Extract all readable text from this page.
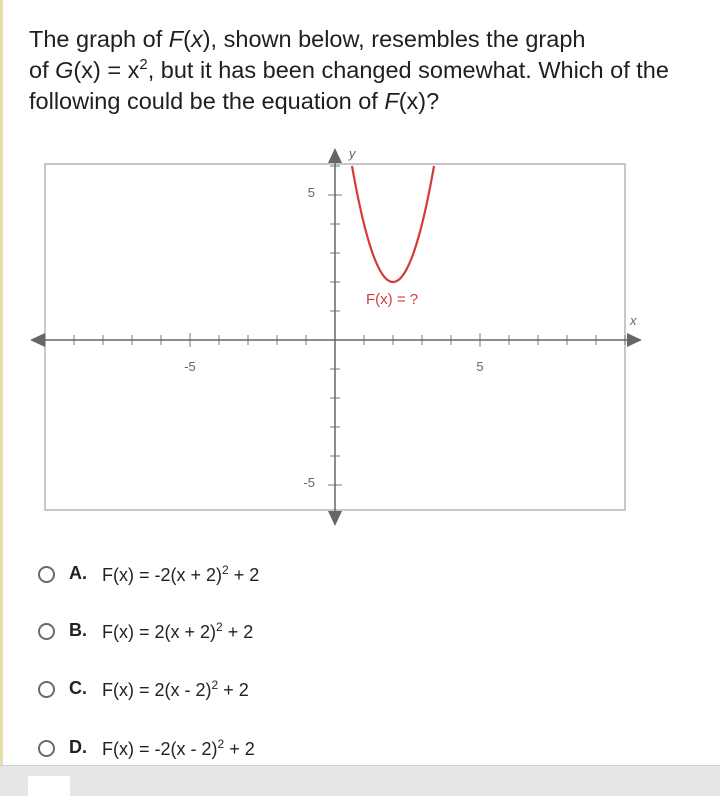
The graph of F(x), shown below, resembles the graph
of $G(x) = x^2$, but it has been changed somewhat. Which of the
following could be the equation of F(x)?
x
y
-5	5
5
-5
F(x) = ?
A. $F(x) = -2(x + 2)^2 + 2$
B. $F(x) = 2(x + 2)^2 + 2$
C. F(x) = 2(x - 2)$^2$ + 2
D. F(x) = -2(x - 2)$^2$ + 2
